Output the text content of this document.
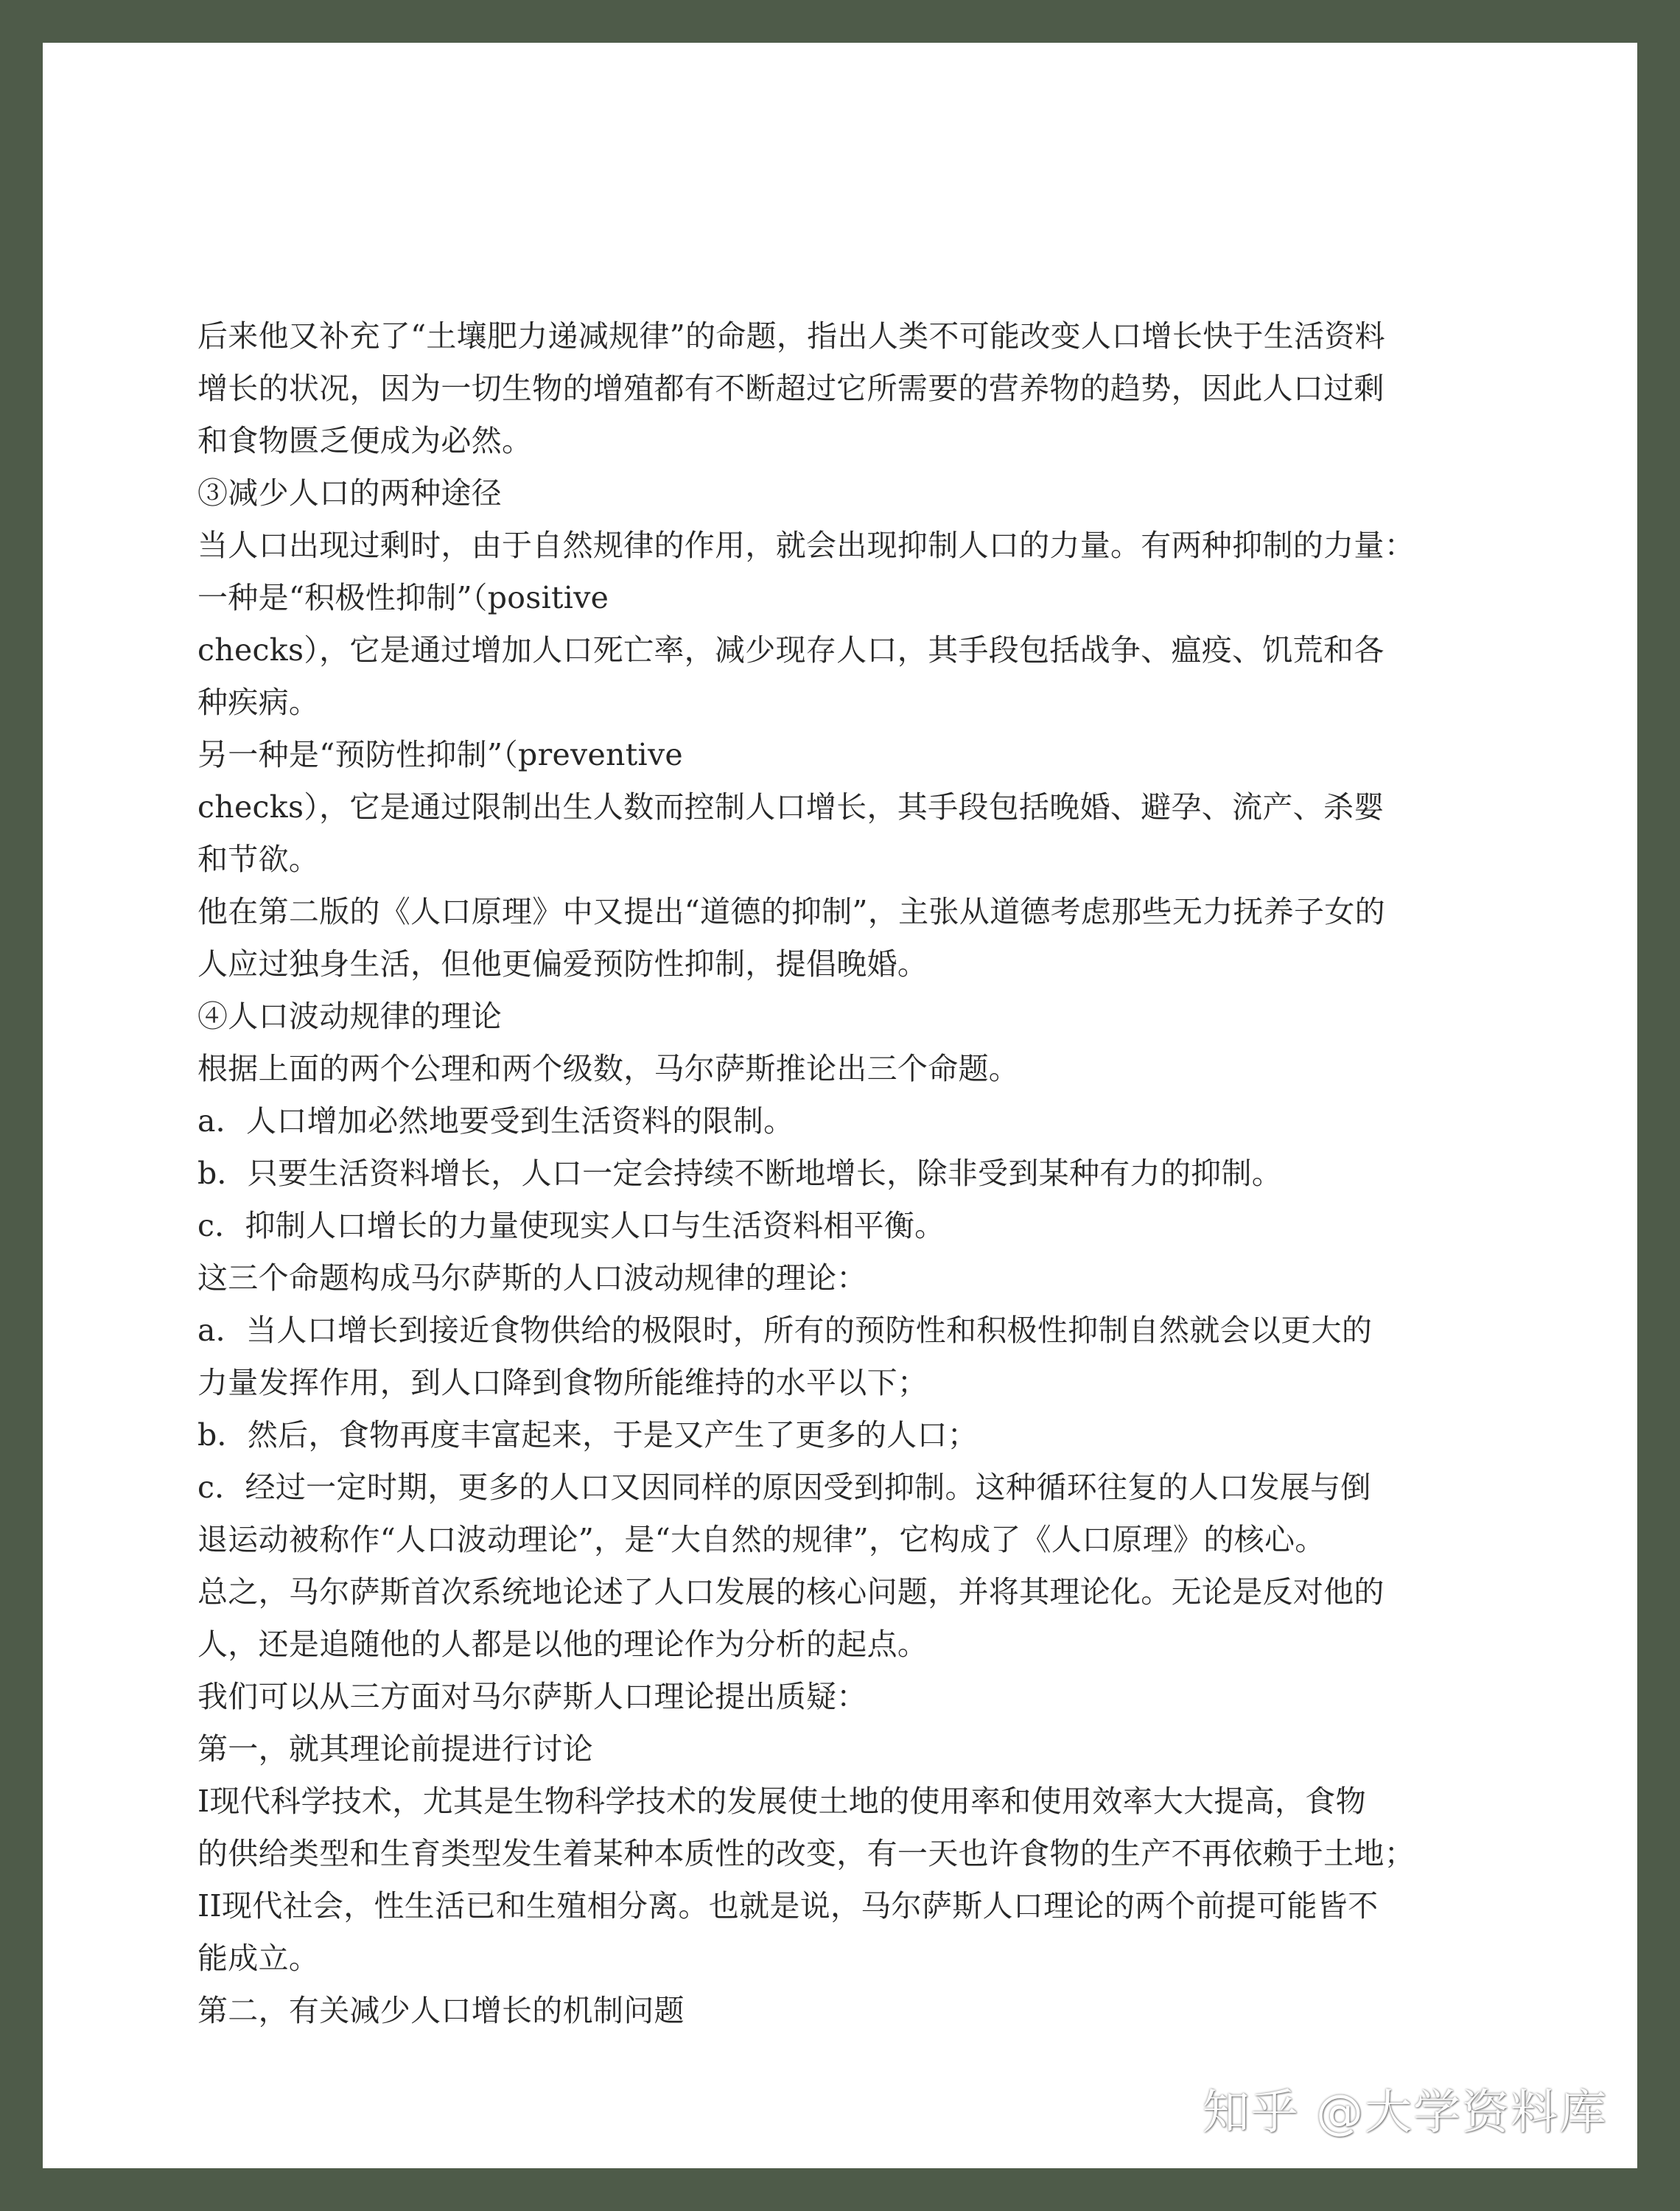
后来他又补充了“土壤肥力递减规律”的命题，指出人类不可能改变人口增长快于生活资料
增长的状况，因为一切生物的增殖都有不断超过它所需要的营养物的趋势，因此人口过剩
和食物匮乏便成为必然。
③减少人口的两种途径
当人口出现过剩时，由于自然规律的作用，就会出现抑制人口的力量。有两种抑制的力量：
一种是“积极性抑制”（positive
checks），它是通过增加人口死亡率，减少现存人口，其手段包括战争、瘟疫、饥荒和各
种疾病。
另一种是“预防性抑制”（preventive
checks），它是通过限制出生人数而控制人口增长，其手段包括晚婚、避孕、流产、杀婴
和节欲。
他在第二版的《人口原理》中又提出“道德的抑制”，主张从道德考虑那些无力抚养子女的
人应过独身生活，但他更偏爱预防性抑制，提倡晚婚。
④人口波动规律的理论
根据上面的两个公理和两个级数，马尔萨斯推论出三个命题。
a．人口增加必然地要受到生活资料的限制。
b．只要生活资料增长，人口一定会持续不断地增长，除非受到某种有力的抑制。
c．抑制人口增长的力量使现实人口与生活资料相平衡。
这三个命题构成马尔萨斯的人口波动规律的理论：
a．当人口增长到接近食物供给的极限时，所有的预防性和积极性抑制自然就会以更大的
力量发挥作用，到人口降到食物所能维持的水平以下；
b．然后，食物再度丰富起来，于是又产生了更多的人口；
c．经过一定时期，更多的人口又因同样的原因受到抑制。这种循环往复的人口发展与倒
退运动被称作“人口波动理论”，是“大自然的规律”，它构成了《人口原理》的核心。
总之，马尔萨斯首次系统地论述了人口发展的核心问题，并将其理论化。无论是反对他的
人，还是追随他的人都是以他的理论作为分析的起点。
我们可以从三方面对马尔萨斯人口理论提出质疑：
第一，就其理论前提进行讨论
I现代科学技术，尤其是生物科学技术的发展使土地的使用率和使用效率大大提高，食物
的供给类型和生育类型发生着某种本质性的改变，有一天也许食物的生产不再依赖于土地；
II现代社会，性生活已和生殖相分离。也就是说，马尔萨斯人口理论的两个前提可能皆不
能成立。
第二，有关减少人口增长的机制问题
知乎 @大学资料库
